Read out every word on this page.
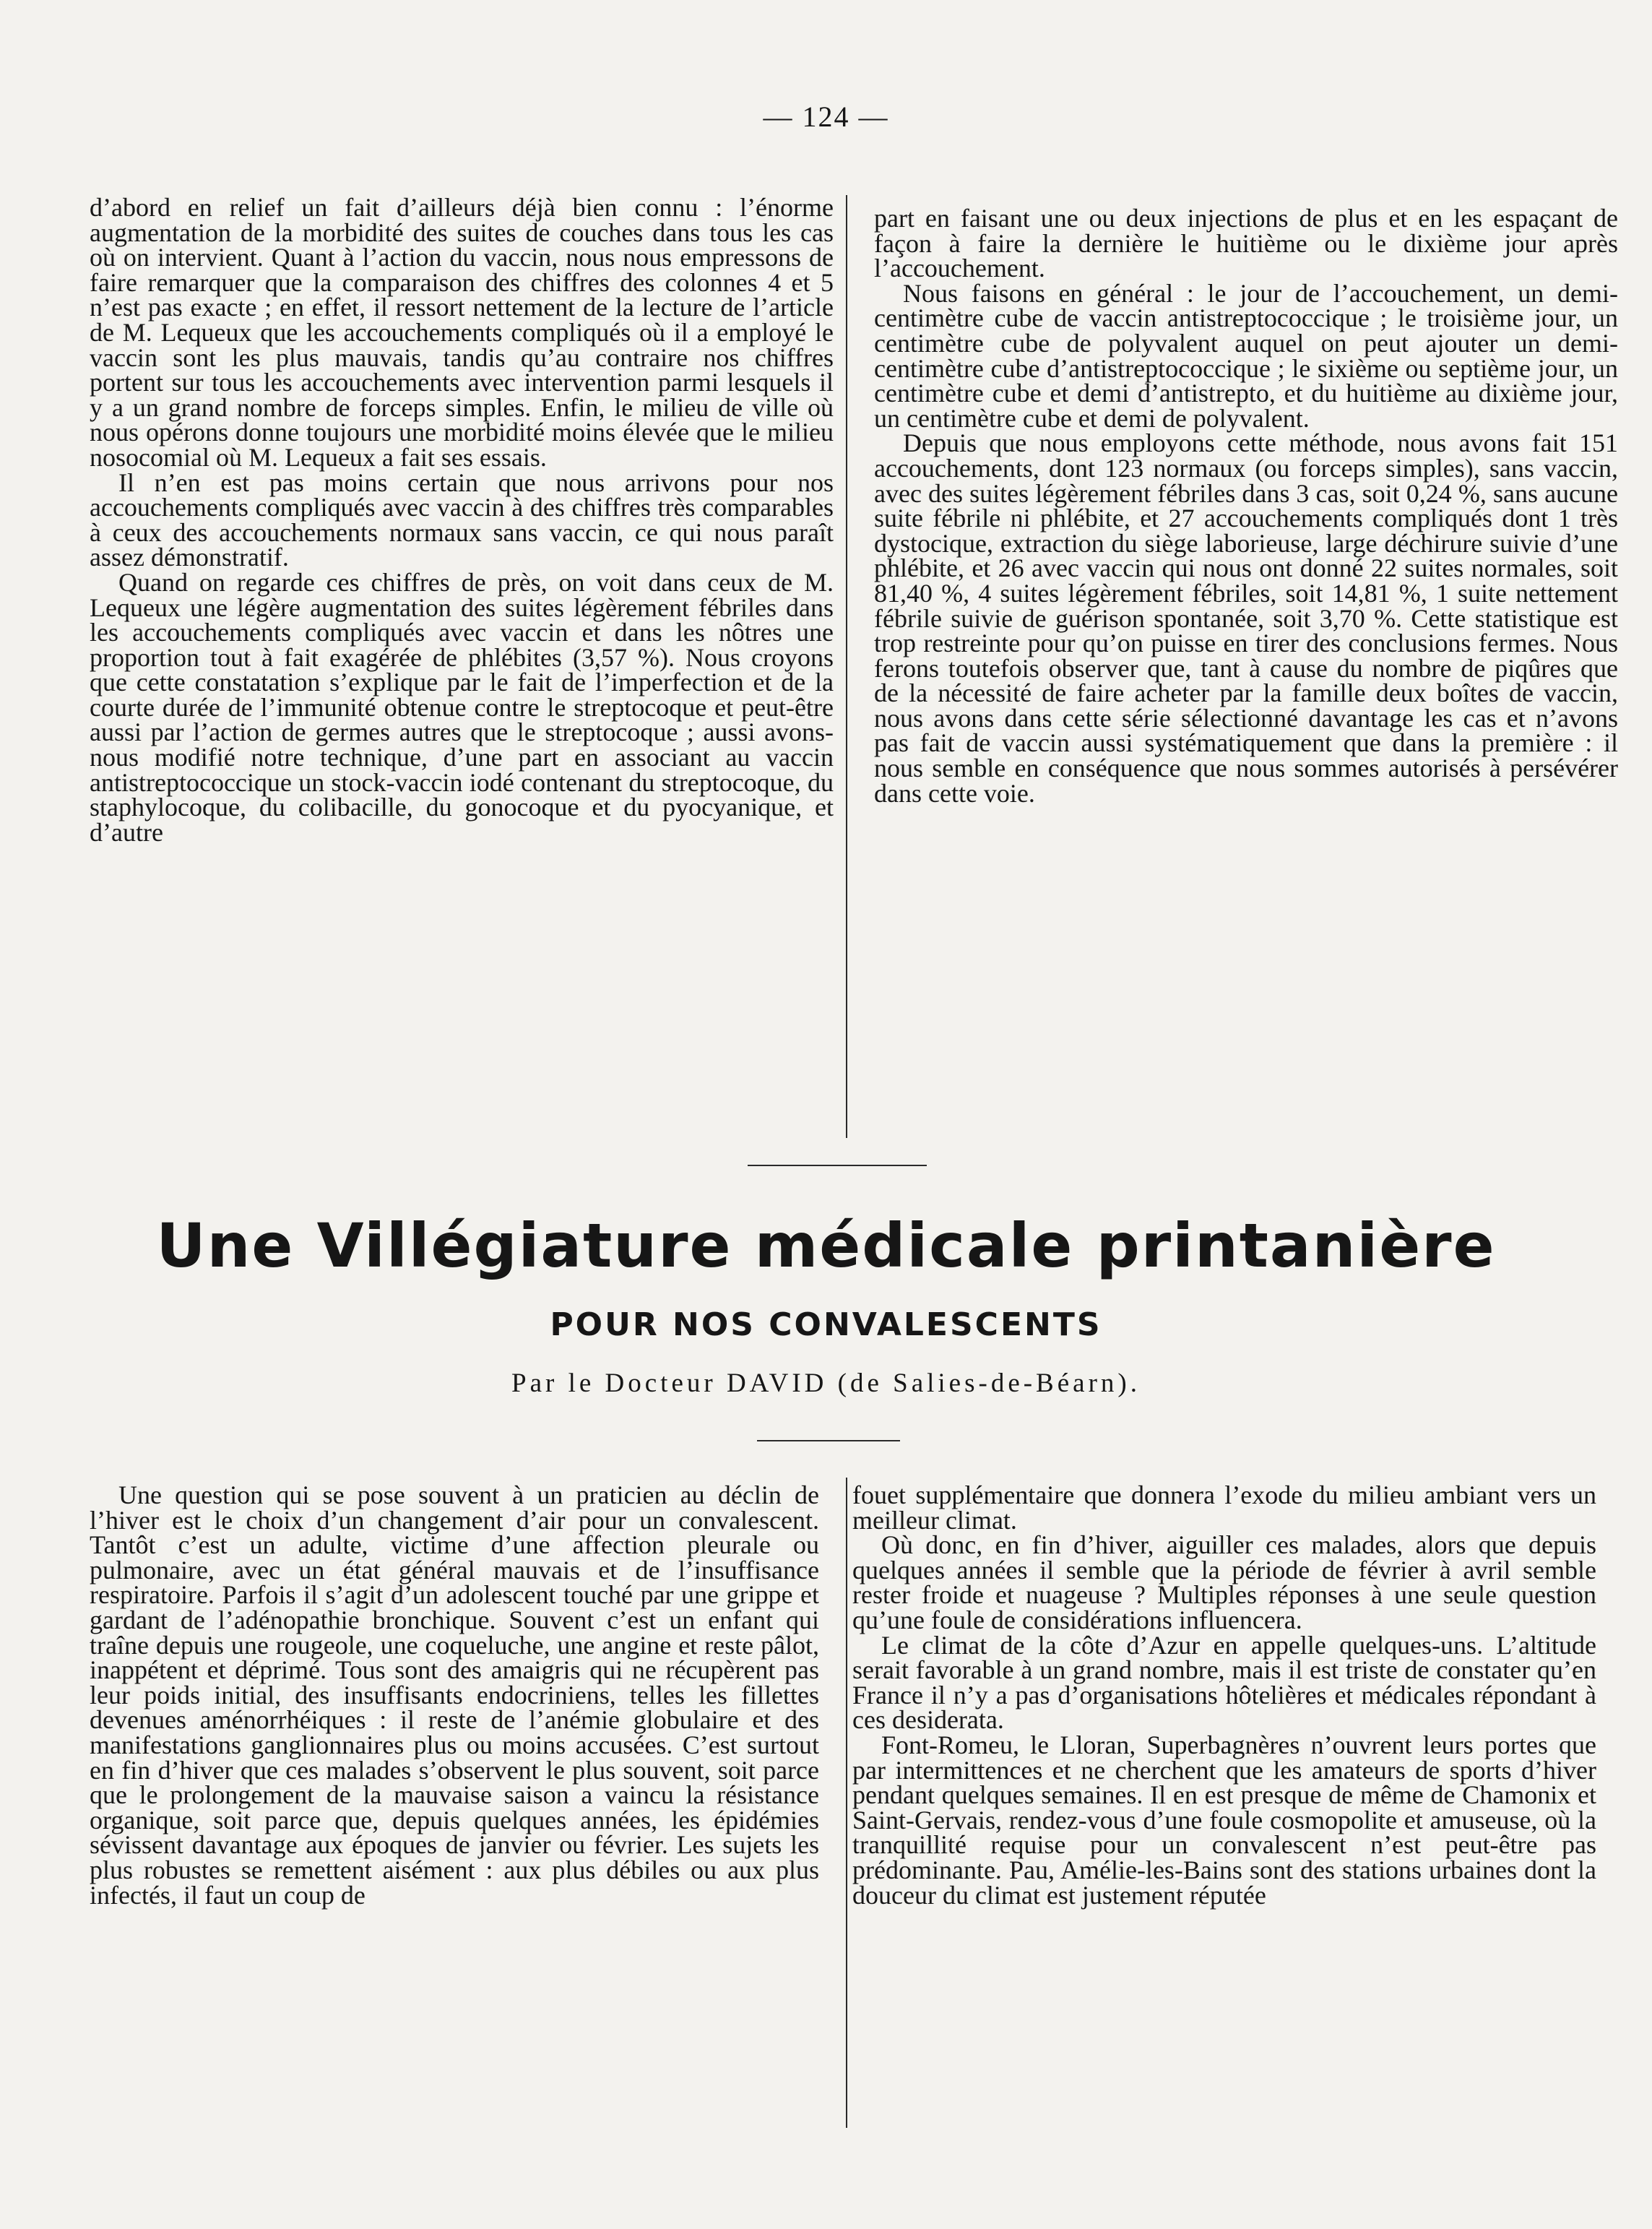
— 124 —

d’abord en relief un fait d’ailleurs déjà bien connu : l’énorme augmentation de la morbidité des suites de couches dans tous les cas où on intervient. Quant à l’action du vaccin, nous nous empressons de faire remarquer que la comparaison des chiffres des colonnes 4 et 5 n’est pas exacte ; en effet, il ressort nettement de la lecture de l’article de M. Lequeux que les accouchements compliqués où il a employé le vaccin sont les plus mauvais, tandis qu’au contraire nos chiffres portent sur tous les accouchements avec intervention parmi lesquels il y a un grand nombre de forceps simples. Enfin, le milieu de ville où nous opérons donne toujours une morbidité moins élevée que le milieu nosocomial où M. Lequeux a fait ses essais.

Il n’en est pas moins certain que nous arrivons pour nos accouchements compliqués avec vaccin à des chiffres très comparables à ceux des accouchements normaux sans vaccin, ce qui nous paraît assez démonstratif.

Quand on regarde ces chiffres de près, on voit dans ceux de M. Lequeux une légère augmentation des suites légèrement fébriles dans les accouchements compliqués avec vaccin et dans les nôtres une proportion tout à fait exagérée de phlébites (3,57 %). Nous croyons que cette constatation s’explique par le fait de l’imperfection et de la courte durée de l’immunité obtenue contre le streptocoque et peut-être aussi par l’action de germes autres que le streptocoque ; aussi avons-nous modifié notre technique, d’une part en associant au vaccin antistreptococcique un stock-vaccin iodé contenant du streptocoque, du staphylocoque, du colibacille, du gonocoque et du pyocyanique, et d’autre

part en faisant une ou deux injections de plus et en les espaçant de façon à faire la dernière le huitième ou le dixième jour après l’accouchement.

Nous faisons en général : le jour de l’accouchement, un demi-centimètre cube de vaccin antistreptococcique ; le troisième jour, un centimètre cube de polyvalent auquel on peut ajouter un demi-centimètre cube d’antistreptococcique ; le sixième ou septième jour, un centimètre cube et demi d’antistrepto, et du huitième au dixième jour, un centimètre cube et demi de polyvalent.

Depuis que nous employons cette méthode, nous avons fait 151 accouchements, dont 123 normaux (ou forceps simples), sans vaccin, avec des suites légèrement fébriles dans 3 cas, soit 0,24 %, sans aucune suite fébrile ni phlébite, et 27 accouchements compliqués dont 1 très dystocique, extraction du siège laborieuse, large déchirure suivie d’une phlébite, et 26 avec vaccin qui nous ont donné 22 suites normales, soit 81,40 %, 4 suites légèrement fébriles, soit 14,81 %, 1 suite nettement fébrile suivie de guérison spontanée, soit 3,70 %. Cette statistique est trop restreinte pour qu’on puisse en tirer des conclusions fermes. Nous ferons toutefois observer que, tant à cause du nombre de piqûres que de la nécessité de faire acheter par la famille deux boîtes de vaccin, nous avons dans cette série sélectionné davantage les cas et n’avons pas fait de vaccin aussi systématiquement que dans la première : il nous semble en conséquence que nous sommes autorisés à persévérer dans cette voie.

Une Villégiature médicale printanière
POUR NOS CONVALESCENTS
Par le Docteur DAVID (de Salies-de-Béarn).

Une question qui se pose souvent à un praticien au déclin de l’hiver est le choix d’un changement d’air pour un convalescent. Tantôt c’est un adulte, victime d’une affection pleurale ou pulmonaire, avec un état général mauvais et de l’insuffisance respiratoire. Parfois il s’agit d’un adolescent touché par une grippe et gardant de l’adénopathie bronchique. Souvent c’est un enfant qui traîne depuis une rougeole, une coqueluche, une angine et reste pâlot, inappétent et déprimé. Tous sont des amaigris qui ne récupèrent pas leur poids initial, des insuffisants endocriniens, telles les fillettes devenues aménorrhéiques : il reste de l’anémie globulaire et des manifestations ganglionnaires plus ou moins accusées. C’est surtout en fin d’hiver que ces malades s’observent le plus souvent, soit parce que le prolongement de la mauvaise saison a vaincu la résistance organique, soit parce que, depuis quelques années, les épidémies sévissent davantage aux époques de janvier ou février. Les sujets les plus robustes se remettent aisément : aux plus débiles ou aux plus infectés, il faut un coup de

fouet supplémentaire que donnera l’exode du milieu ambiant vers un meilleur climat.

Où donc, en fin d’hiver, aiguiller ces malades, alors que depuis quelques années il semble que la période de février à avril semble rester froide et nuageuse ? Multiples réponses à une seule question qu’une foule de considérations influencera.

Le climat de la côte d’Azur en appelle quelques-uns. L’altitude serait favorable à un grand nombre, mais il est triste de constater qu’en France il n’y a pas d’organisations hôtelières et médicales répondant à ces desiderata.

Font-Romeu, le Lloran, Superbagnères n’ouvrent leurs portes que par intermittences et ne cherchent que les amateurs de sports d’hiver pendant quelques semaines. Il en est presque de même de Chamonix et Saint-Gervais, rendez-vous d’une foule cosmopolite et amuseuse, où la tranquillité requise pour un convalescent n’est peut-être pas prédominante. Pau, Amélie-les-Bains sont des stations urbaines dont la douceur du climat est justement réputée
